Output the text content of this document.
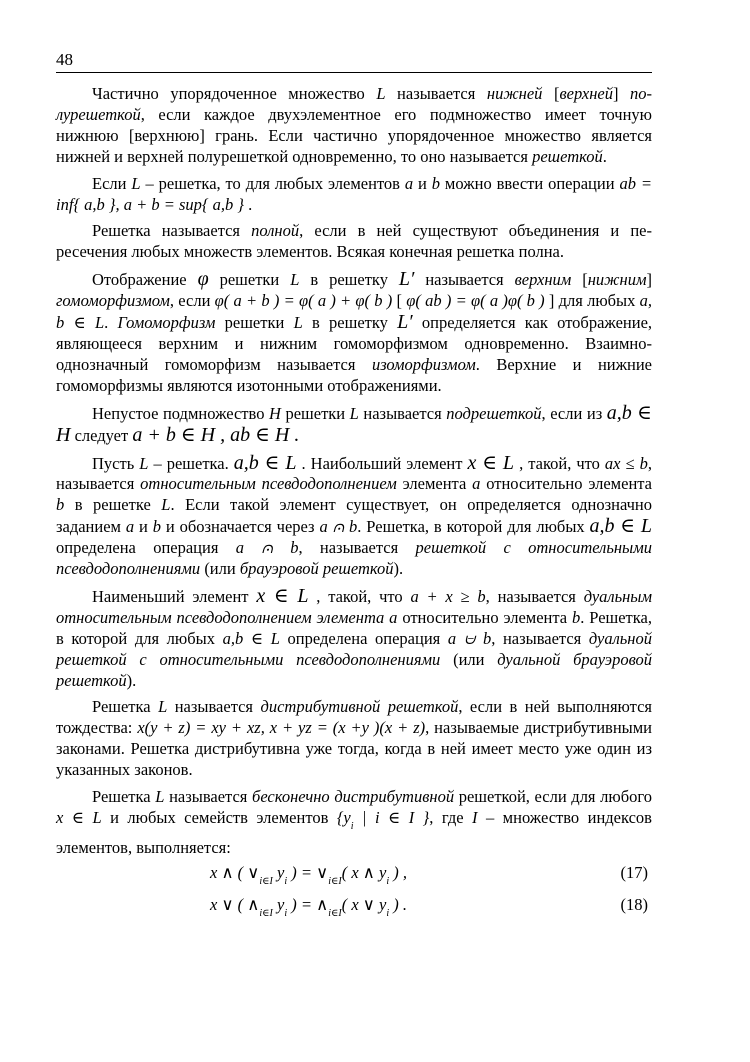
48

Частично упорядоченное множество L называется нижней [верхней] полурешеткой, если каждое двухэлементное его подмножество имеет точную нижнюю [верхнюю] грань. Если частично упорядоченное множество является нижней и верхней полурешеткой одновременно, то оно называется решеткой.

Если L – решетка, то для любых элементов a и b можно ввести операции ab = inf{ a,b }, a + b = sup{ a,b } .

Решетка называется полной, если в ней существуют объединения и пересечения любых множеств элементов. Всякая конечная решетка полна.

Отображение φ решетки L в решетку L′ называется верхним [нижним] гомоморфизмом, если φ( a + b ) = φ( a ) + φ( b ) [ φ( ab ) = φ( a )φ( b ) ] для любых a, b ∈ L. Гомоморфизм решетки L в решетку L′ определяется как отображение, являющееся верхним и нижним гомоморфизмом одновременно. Взаимно-однозначный гомоморфизм называется изоморфизмом. Верхние и нижние гомоморфизмы являются изотонными отображениями.

Непустое подмножество H решетки L называется подрешеткой, если из a,b ∈ H следует a + b ∈ H , ab ∈ H .

Пусть L – решетка. a,b ∈ L . Наибольший элемент x ∈ L , такой, что ax ≤ b, называется относительным псевдодополнением элемента a относительно элемента b в решетке L. Если такой элемент существует, он определяется однозначно заданием a и b и обозначается через a ⩀ b. Решетка, в которой для любых a,b ∈ L определена операция a ⩀ b, называется решеткой с относительными псевдодополнениями (или брауэровой решеткой).

Наименьший элемент x ∈ L , такой, что a + x ≥ b, называется дуальным относительным псевдодополнением элемента a относительно элемента b. Решетка, в которой для любых a,b ∈ L определена операция a ⩁ b, называется дуальной решеткой с относительными псевдодополнениями (или дуальной брауэровой решеткой).

Решетка L называется дистрибутивной решеткой, если в ней выполняются тождества: x(y + z) = xy + xz, x + yz = (x +y )(x + z), называемые дистрибутивными законами. Решетка дистрибутивна уже тогда, когда в ней имеет место уже один из указанных законов.

Решетка L называется бесконечно дистрибутивной решеткой, если для любого x ∈ L и любых семейств элементов {$y_i$ | i ∈ I }, где I – множество индексов элементов, выполняется:

x ∧ ( $\vee_{i\in I}$ $y_i$ ) = $\vee_{i\in I}$( x ∧ $y_i$ ) ,	(17)
x ∨ ( $\wedge_{i\in I}$ $y_i$ ) = $\wedge_{i\in I}$( x ∨ $y_i$ ) .	(18)
